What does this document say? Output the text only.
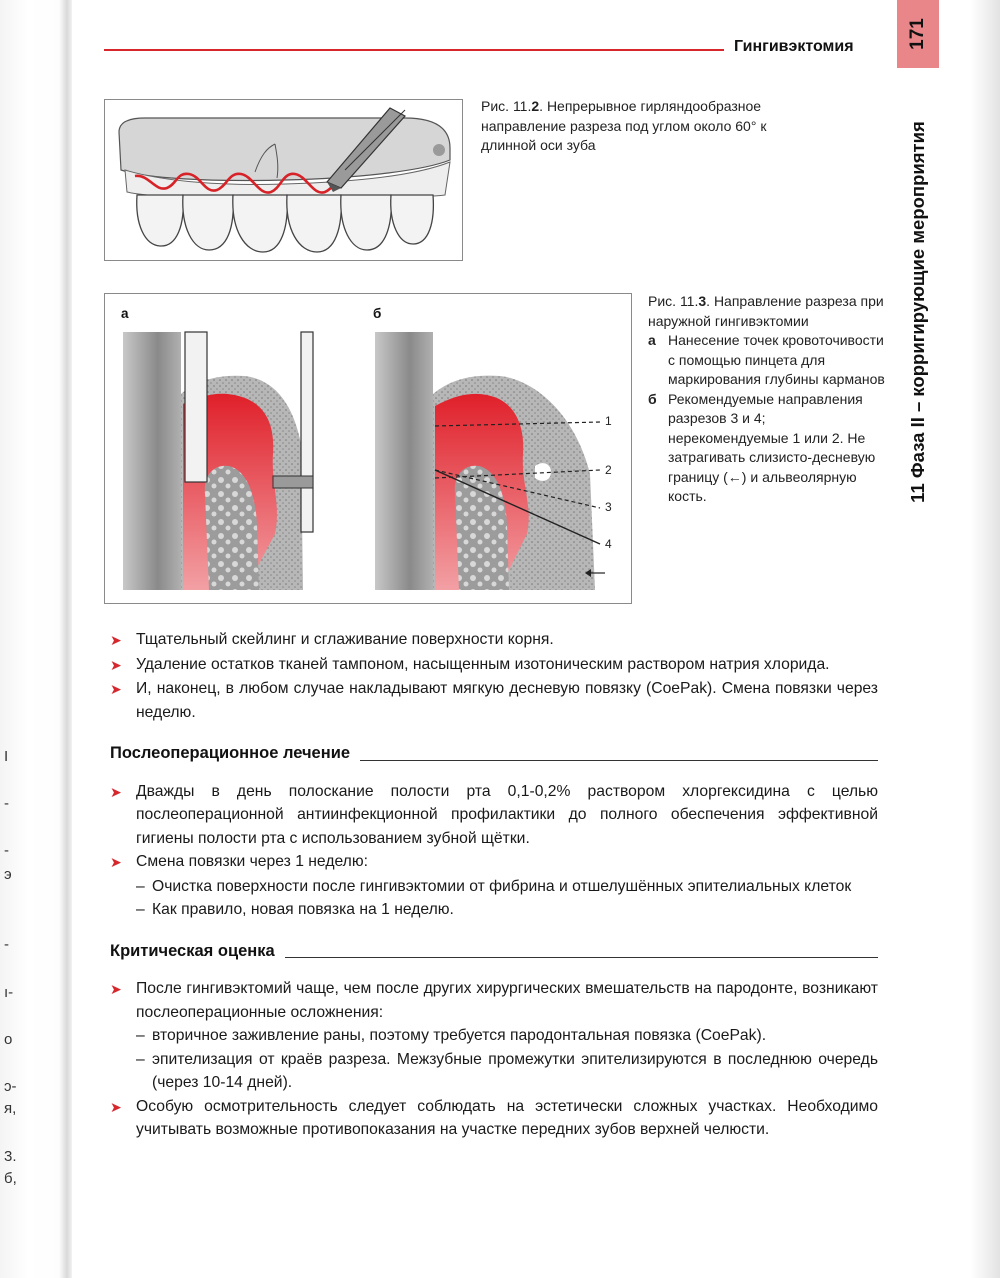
I
-
-
э
-
ı-
о
ɔ-
я,
3.
б,
Гингивэктомия	171
11 Фаза II – корригирующие мероприятия
Рис. 11.2. Непрерывное гирляндообразное направление разреза под углом около 60° к длинной оси зуба
а	б
1
2
3
4
Рис. 11.3. Направление разреза при наружной гингивэктомии
а Нанесение точек кровоточивости с помощью пинцета для маркирования глубины карманов
б Рекомендуемые направления разрезов 3 и 4; нерекомендуемые 1 или 2. Не затрагивать слизисто-десневую границу (←) и альвеолярную кость.
➤ Тщательный скейлинг и сглаживание поверхности корня.
➤ Удаление остатков тканей тампоном, насыщенным изотоническим раствором натрия хлорида.
➤ И, наконец, в любом случае накладывают мягкую десневую повязку (CoePak). Смена повязки через неделю.
Послеоперационное лечение
➤ Дважды в день полоскание полости рта 0,1-0,2% раствором хлоргексидина с целью послеоперационной антиинфекционной профилактики до полного обеспечения эффективной гигиены полости рта с использованием зубной щётки.
➤ Смена повязки через 1 неделю:
– Очистка поверхности после гингивэктомии от фибрина и отшелушённых эпителиальных клеток
– Как правило, новая повязка на 1 неделю.
Критическая оценка
➤ После гингивэктомий чаще, чем после других хирургических вмешательств на пародонте, возникают послеоперационные осложнения:
– вторичное заживление раны, поэтому требуется пародонтальная повязка (CoePak).
– эпителизация от краёв разреза. Межзубные промежутки эпителизируются в последнюю очередь (через 10-14 дней).
➤ Особую осмотрительность следует соблюдать на эстетически сложных участках. Необходимо учитывать возможные противопоказания на участке передних зубов верхней челюсти.
